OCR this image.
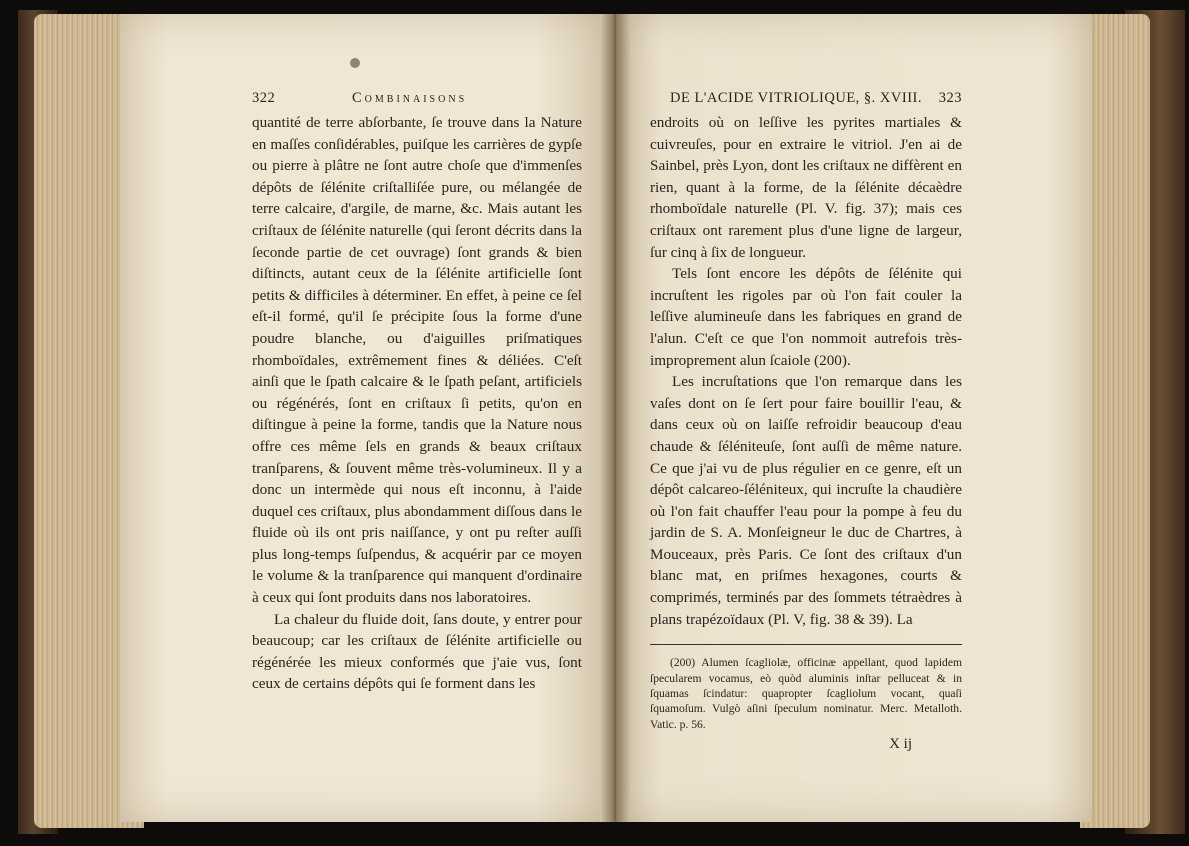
322	Combinaisons

quantité de terre abſorbante, ſe trouve dans la Nature en maſſes conſidérables, puiſque les carrières de gypſe ou pierre à plâtre ne ſont autre choſe que d'immenſes dépôts de ſélénite criſtalliſée pure, ou mélangée de terre calcaire, d'argile, de marne, &c. Mais autant les criſtaux de ſélénite naturelle (qui ſeront décrits dans la ſeconde partie de cet ouvrage) ſont grands & bien diſtincts, autant ceux de la ſélénite artificielle ſont petits & difficiles à déterminer. En effet, à peine ce ſel eſt-il formé, qu'il ſe précipite ſous la forme d'une poudre blanche, ou d'aiguilles priſmatiques rhomboïdales, extrêmement fines & déliées. C'eſt ainſi que le ſpath calcaire & le ſpath peſant, artificiels ou régénérés, ſont en criſtaux ſi petits, qu'on en diſtingue à peine la forme, tandis que la Nature nous offre ces même ſels en grands & beaux criſtaux tranſparens, & ſouvent même très-volumineux. Il y a donc un intermède qui nous eſt inconnu, à l'aide duquel ces criſtaux, plus abondamment diſſous dans le fluide où ils ont pris naiſſance, y ont pu reſter auſſi plus long-temps ſuſpendus, & acquérir par ce moyen le volume & la tranſparence qui manquent d'ordinaire à ceux qui ſont produits dans nos laboratoires.

La chaleur du fluide doit, ſans doute, y entrer pour beaucoup; car les criſtaux de ſélénite artificielle ou régénérée les mieux conformés que j'aie vus, ſont ceux de certains dépôts qui ſe forment dans les

DE L'ACIDE VITRIOLIQUE, §. XVIII. 323

endroits où on leſſive les pyrites martiales & cuivreuſes, pour en extraire le vitriol. J'en ai de Sainbel, près Lyon, dont les criſtaux ne diffèrent en rien, quant à la forme, de la ſélénite décaèdre rhomboïdale naturelle (Pl. V. fig. 37); mais ces criſtaux ont rarement plus d'une ligne de largeur, ſur cinq à ſix de longueur.

Tels ſont encore les dépôts de ſélénite qui incruſtent les rigoles par où l'on fait couler la leſſive alumineuſe dans les fabriques en grand de l'alun. C'eſt ce que l'on nommoit autrefois très-improprement alun ſcaiole (200).

Les incruſtations que l'on remarque dans les vaſes dont on ſe ſert pour faire bouillir l'eau, & dans ceux où on laiſſe refroidir beaucoup d'eau chaude & ſéléniteuſe, ſont auſſi de même nature. Ce que j'ai vu de plus régulier en ce genre, eſt un dépôt calcareo-ſéléniteux, qui incruſte la chaudière où l'on fait chauffer l'eau pour la pompe à feu du jardin de S. A. Monſeigneur le duc de Chartres, à Mouceaux, près Paris. Ce ſont des criſtaux d'un blanc mat, en priſmes hexagones, courts & comprimés, terminés par des ſommets tétraèdres à plans trapézoïdaux (Pl. V, fig. 38 & 39). La

(200) Alumen ſcagliolæ, officinæ appellant, quod lapidem ſpecularem vocamus, eò quòd aluminis inſtar pelluceat & in ſquamas ſcindatur: quapropter ſcagliolum vocant, quaſi ſquamoſum. Vulgò aſini ſpeculum nominatur. Merc. Metalloth. Vatic. p. 56.

X ij
